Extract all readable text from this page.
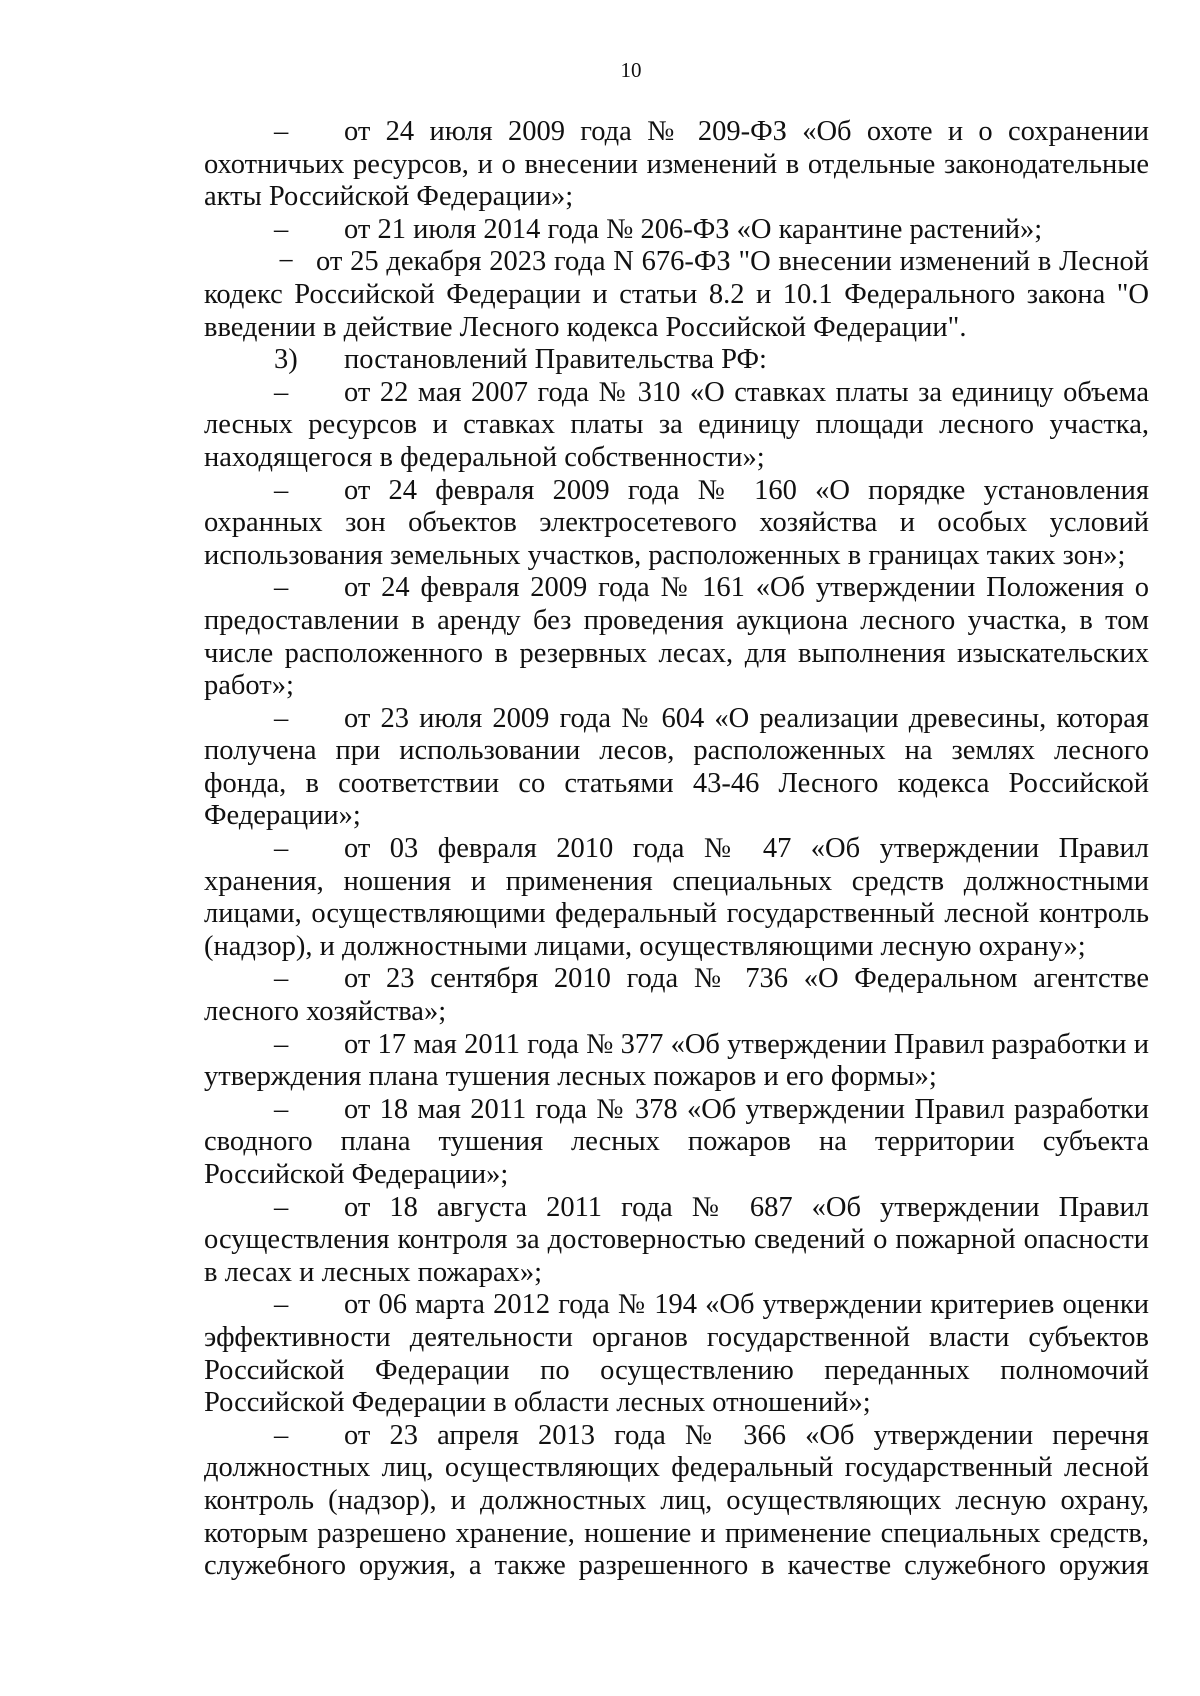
10

– от 24 июля 2009 года № 209-ФЗ «Об охоте и о сохранении охотничьих ресурсов, и о внесении изменений в отдельные законодательные акты Российской Федерации»;

– от 21 июля 2014 года № 206-ФЗ «О карантине растений»;

− от 25 декабря 2023 года N 676-ФЗ "О внесении изменений в Лесной кодекс Российской Федерации и статьи 8.2 и 10.1 Федерального закона "О введении в действие Лесного кодекса Российской Федерации".

3) постановлений Правительства РФ:

– от 22 мая 2007 года № 310 «О ставках платы за единицу объема лесных ресурсов и ставках платы за единицу площади лесного участка, находящегося в федеральной собственности»;

– от 24 февраля 2009 года № 160 «О порядке установления охранных зон объектов электросетевого хозяйства и особых условий использования земельных участков, расположенных в границах таких зон»;

– от 24 февраля 2009 года № 161 «Об утверждении Положения о предоставлении в аренду без проведения аукциона лесного участка, в том числе расположенного в резервных лесах, для выполнения изыскательских работ»;

– от 23 июля 2009 года № 604 «О реализации древесины, которая получена при использовании лесов, расположенных на землях лесного фонда, в соответствии со статьями 43-46 Лесного кодекса Российской Федерации»;

– от 03 февраля 2010 года № 47 «Об утверждении Правил хранения, ношения и применения специальных средств должностными лицами, осуществляющими федеральный государственный лесной контроль (надзор), и должностными лицами, осуществляющими лесную охрану»;

– от 23 сентября 2010 года № 736 «О Федеральном агентстве лесного хозяйства»;

– от 17 мая 2011 года № 377 «Об утверждении Правил разработки и утверждения плана тушения лесных пожаров и его формы»;

– от 18 мая 2011 года № 378 «Об утверждении Правил разработки сводного плана тушения лесных пожаров на территории субъекта Российской Федерации»;

– от 18 августа 2011 года № 687 «Об утверждении Правил осуществления контроля за достоверностью сведений о пожарной опасности в лесах и лесных пожарах»;

– от 06 марта 2012 года № 194 «Об утверждении критериев оценки эффективности деятельности органов государственной власти субъектов Российской Федерации по осуществлению переданных полномочий Российской Федерации в области лесных отношений»;

– от 23 апреля 2013 года № 366 «Об утверждении перечня должностных лиц, осуществляющих федеральный государственный лесной контроль (надзор), и должностных лиц, осуществляющих лесную охрану, которым разрешено хранение, ношение и применение специальных средств, служебного оружия, а также разрешенного в качестве служебного оружия
